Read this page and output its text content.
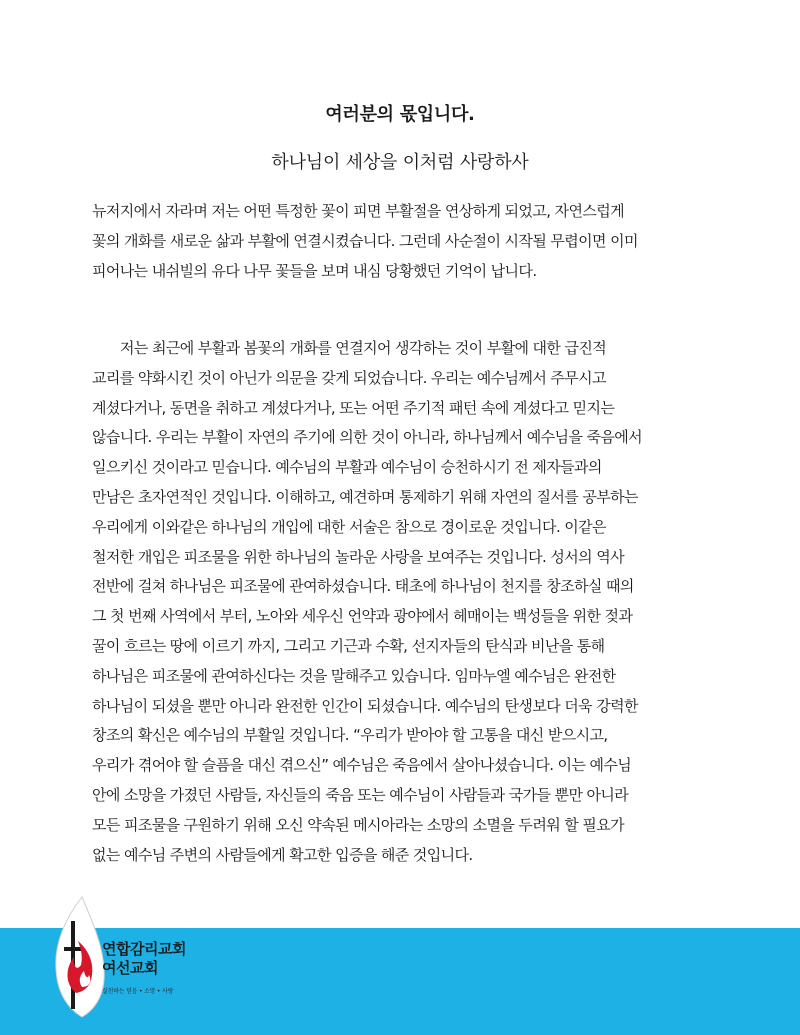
여러분의 몫입니다.
하나님이 세상을 이처럼 사랑하사
뉴저지에서 자라며 저는 어떤 특정한 꽃이 피면 부활절을 연상하게 되었고, 자연스럽게
꽃의 개화를 새로운 삶과 부활에 연결시켰습니다. 그런데 사순절이 시작될 무렵이면 이미
피어나는 내쉬빌의 유다 나무 꽃들을 보며 내심 당황했던 기억이 납니다.
저는 최근에 부활과 봄꽃의 개화를 연결지어 생각하는 것이 부활에 대한 급진적
교리를 약화시킨 것이 아닌가 의문을 갖게 되었습니다. 우리는 예수님께서 주무시고
계셨다거나, 동면을 취하고 계셨다거나, 또는 어떤 주기적 패턴 속에 계셨다고 믿지는
않습니다. 우리는 부활이 자연의 주기에 의한 것이 아니라, 하나님께서 예수님을 죽음에서
일으키신 것이라고 믿습니다. 예수님의 부활과 예수님이 승천하시기 전 제자들과의
만남은 초자연적인 것입니다. 이해하고, 예견하며 통제하기 위해 자연의 질서를 공부하는
우리에게 이와같은 하나님의 개입에 대한 서술은 참으로 경이로운 것입니다. 이같은
철저한 개입은 피조물을 위한 하나님의 놀라운 사랑을 보여주는 것입니다. 성서의 역사
전반에 걸쳐 하나님은 피조물에 관여하셨습니다. 태초에 하나님이 천지를 창조하실 때의
그 첫 번째 사역에서 부터, 노아와 세우신 언약과 광야에서 헤매이는 백성들을 위한 젖과
꿀이 흐르는 땅에 이르기 까지, 그리고 기근과 수확, 선지자들의 탄식과 비난을 통해
하나님은 피조물에 관여하신다는 것을 말해주고 있습니다. 임마누엘 예수님은 완전한
하나님이 되셨을 뿐만 아니라 완전한 인간이 되셨습니다. 예수님의 탄생보다 더욱 강력한
창조의 확신은 예수님의 부활일 것입니다. “우리가 받아야 할 고통을 대신 받으시고,
우리가 겪어야 할 슬픔을 대신 겪으신” 예수님은 죽음에서 살아나셨습니다. 이는 예수님
안에 소망을 가졌던 사람들, 자신들의 죽음 또는 예수님이 사람들과 국가들 뿐만 아니라
모든 피조물을 구원하기 위해 오신 약속된 메시아라는 소망의 소멸을 두려워 할 필요가
없는 예수님 주변의 사람들에게 확고한 입증을 해준 것입니다.
연합감리교회
여선교회
실천하는 믿음 • 소망 • 사랑
